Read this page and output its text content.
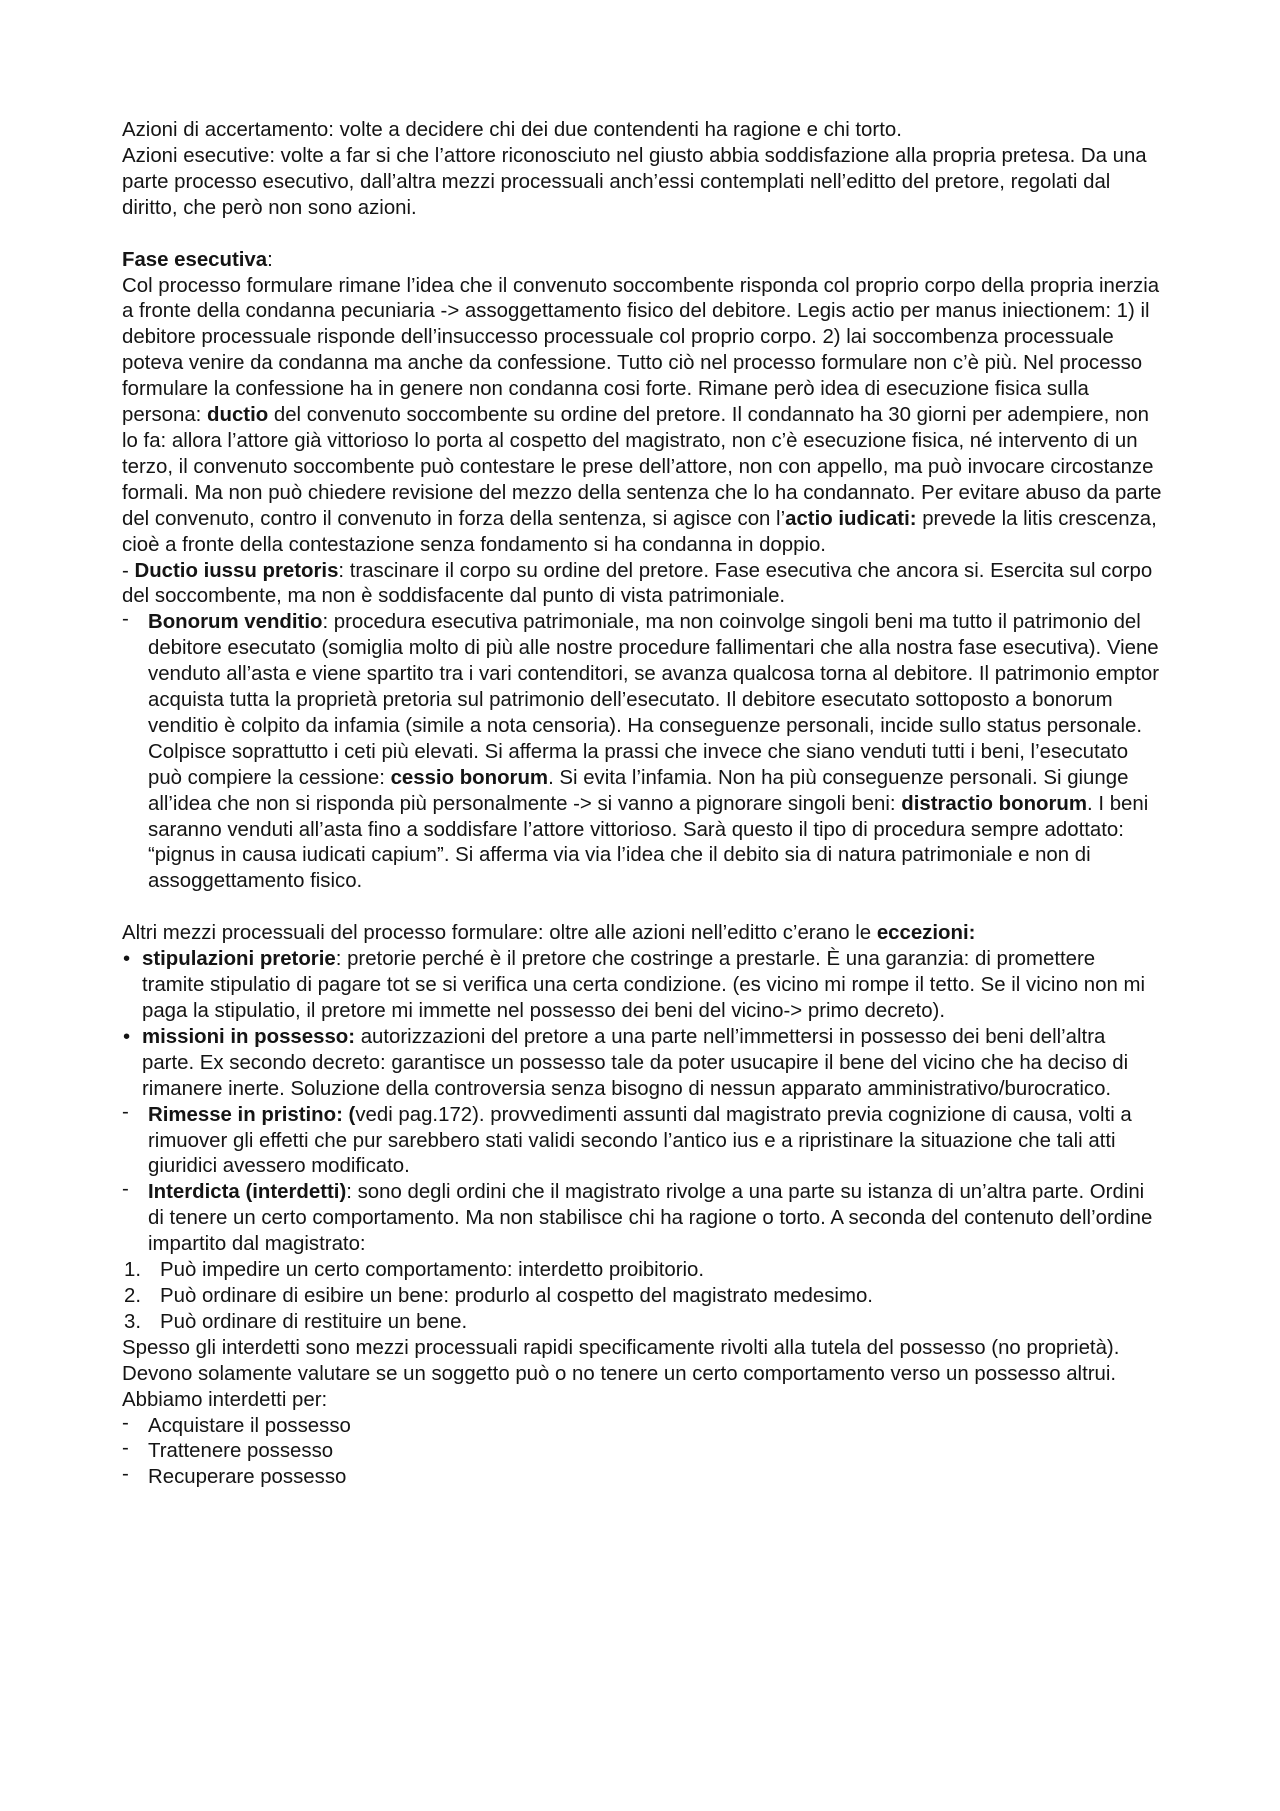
Azioni di accertamento: volte a decidere chi dei due contendenti ha ragione e chi torto.

Azioni esecutive: volte a far si che l’attore riconosciuto nel giusto abbia soddisfazione alla propria pretesa. Da una parte processo esecutivo, dall’altra mezzi processuali anch’essi contemplati nell’editto del pretore, regolati dal diritto, che però non sono azioni.

Fase esecutiva:

Col processo formulare rimane l’idea che il convenuto soccombente risponda col proprio corpo della propria inerzia a fronte della condanna pecuniaria -> assoggettamento fisico del debitore. Legis actio per manus iniectionem: 1) il debitore processuale risponde dell’insuccesso processuale col proprio corpo. 2) lai soccombenza processuale poteva venire da condanna ma anche da confessione. Tutto ciò nel processo formulare non c’è più. Nel processo formulare la confessione ha in genere non condanna cosi forte. Rimane però idea di esecuzione fisica sulla persona: ductio del convenuto soccombente su ordine del pretore. Il condannato ha 30 giorni per adempiere, non lo fa: allora l’attore già vittorioso lo porta al cospetto del magistrato, non c’è esecuzione fisica, né intervento di un terzo, il convenuto soccombente può contestare le prese dell’attore, non con appello, ma può invocare circostanze formali. Ma non può chiedere revisione del mezzo della sentenza che lo ha condannato. Per evitare abuso da parte del convenuto, contro il convenuto in forza della sentenza, si agisce con l’actio iudicati: prevede la litis crescenza, cioè a fronte della contestazione senza fondamento si ha condanna in doppio.

- Ductio iussu pretoris: trascinare il corpo su ordine del pretore. Fase esecutiva che ancora si. Esercita sul corpo del soccombente, ma non è soddisfacente dal punto di vista patrimoniale.

- Bonorum venditio: procedura esecutiva patrimoniale, ma non coinvolge singoli beni ma tutto il patrimonio del debitore esecutato (somiglia molto di più alle nostre procedure fallimentari che alla nostra fase esecutiva). Viene venduto all’asta e viene spartito tra i vari contenditori, se avanza qualcosa torna al debitore. Il patrimonio emptor acquista tutta la proprietà pretoria sul patrimonio dell’esecutato. Il debitore esecutato sottoposto a bonorum venditio è colpito da infamia (simile a nota censoria). Ha conseguenze personali, incide sullo status personale. Colpisce soprattutto i ceti più elevati. Si afferma la prassi che invece che siano venduti tutti i beni, l’esecutato può compiere la cessione: cessio bonorum. Si evita l’infamia. Non ha più conseguenze personali. Si giunge all’idea che non si risponda più personalmente -> si vanno a pignorare singoli beni: distractio bonorum. I beni saranno venduti all’asta fino a soddisfare l’attore vittorioso. Sarà questo il tipo di procedura sempre adottato: “pignus in causa iudicati capium”. Si afferma via via l’idea che il debito sia di natura patrimoniale e non di assoggettamento fisico.

Altri mezzi processuali del processo formulare: oltre alle azioni nell’editto c’erano le eccezioni:

• stipulazioni pretorie: pretorie perché è il pretore che costringe a prestarle. È una garanzia: di promettere tramite stipulatio di pagare tot se si verifica una certa condizione. (es vicino mi rompe il tetto. Se il vicino non mi paga la stipulatio, il pretore mi immette nel possesso dei beni del vicino-> primo decreto).
• missioni in possesso: autorizzazioni del pretore a una parte nell’immettersi in possesso dei beni dell’altra parte. Ex secondo decreto: garantisce un possesso tale da poter usucapire il bene del vicino che ha deciso di rimanere inerte. Soluzione della controversia senza bisogno di nessun apparato amministrativo/burocratico.
- Rimesse in pristino: (vedi pag.172). provvedimenti assunti dal magistrato previa cognizione di causa, volti a rimuover gli effetti che pur sarebbero stati validi secondo l’antico ius e a ripristinare la situazione che tali atti giuridici avessero modificato.
- Interdicta (interdetti): sono degli ordini che il magistrato rivolge a una parte su istanza di un’altra parte. Ordini di tenere un certo comportamento. Ma non stabilisce chi ha ragione o torto. A seconda del contenuto dell’ordine impartito dal magistrato:
1. Può impedire un certo comportamento: interdetto proibitorio.
2. Può ordinare di esibire un bene: produrlo al cospetto del magistrato medesimo.
3. Può ordinare di restituire un bene.

Spesso gli interdetti sono mezzi processuali rapidi specificamente rivolti alla tutela del possesso (no proprietà). Devono solamente valutare se un soggetto può o no tenere un certo comportamento verso un possesso altrui. Abbiamo interdetti per:

- Acquistare il possesso
- Trattenere possesso
- Recuperare possesso
